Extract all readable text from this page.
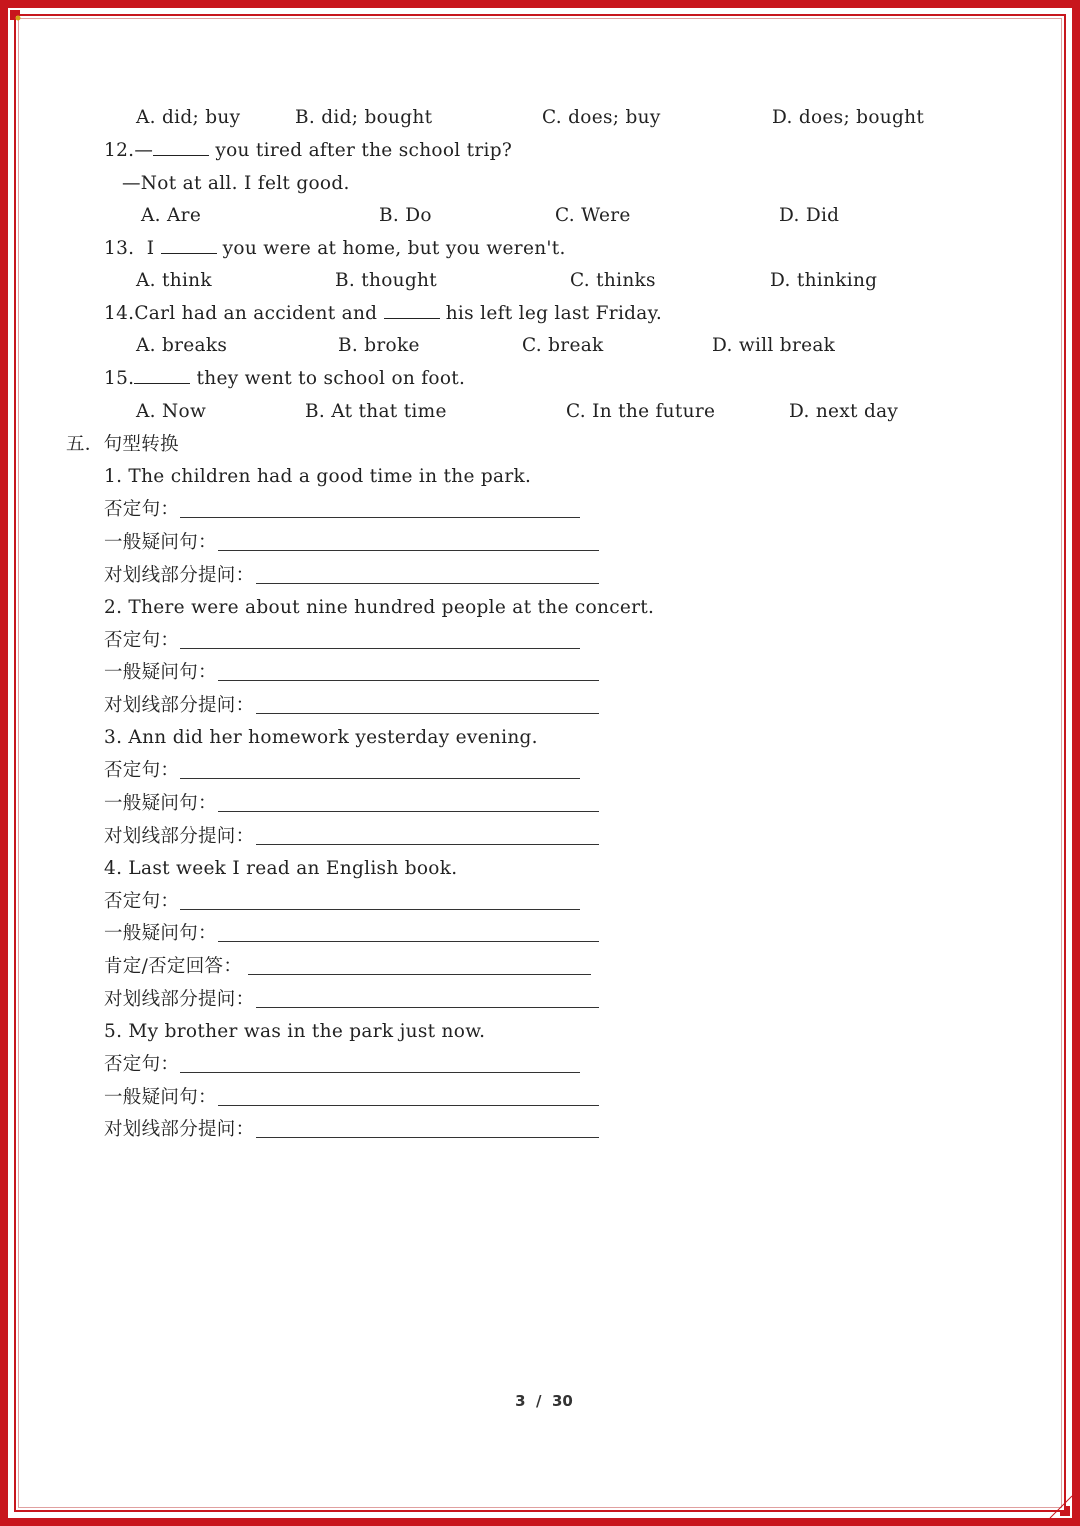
A. did; buy	B. did; bought	C. does; buy	D. does; bought
12.—	you tired after the school trip?
—Not at all. I felt good.
A. Are	B. Do	C. Were	D. Did
13. I	you were at home, but you weren't.
A. think	B. thought	C. thinks	D. thinking
14.Carl had an accident and	his left leg last Friday.
A. breaks	B. broke	C. break	D. will break
15.	they went to school on foot.
A. Now	B. At that time	C. In the future	D. next day
五．句型转换
1. The children had a good time in the park.
否定句：
一般疑问句：
对划线部分提问：
2. There were about nine hundred people at the concert.
否定句：
一般疑问句：
对划线部分提问：
3. Ann did her homework yesterday evening.
否定句：
一般疑问句：
对划线部分提问：
4. Last week I read an English book.
否定句：
一般疑问句：
肯定/否定回答：
对划线部分提问：
5. My brother was in the park just now.
否定句：
一般疑问句：
对划线部分提问：
3 / 30
